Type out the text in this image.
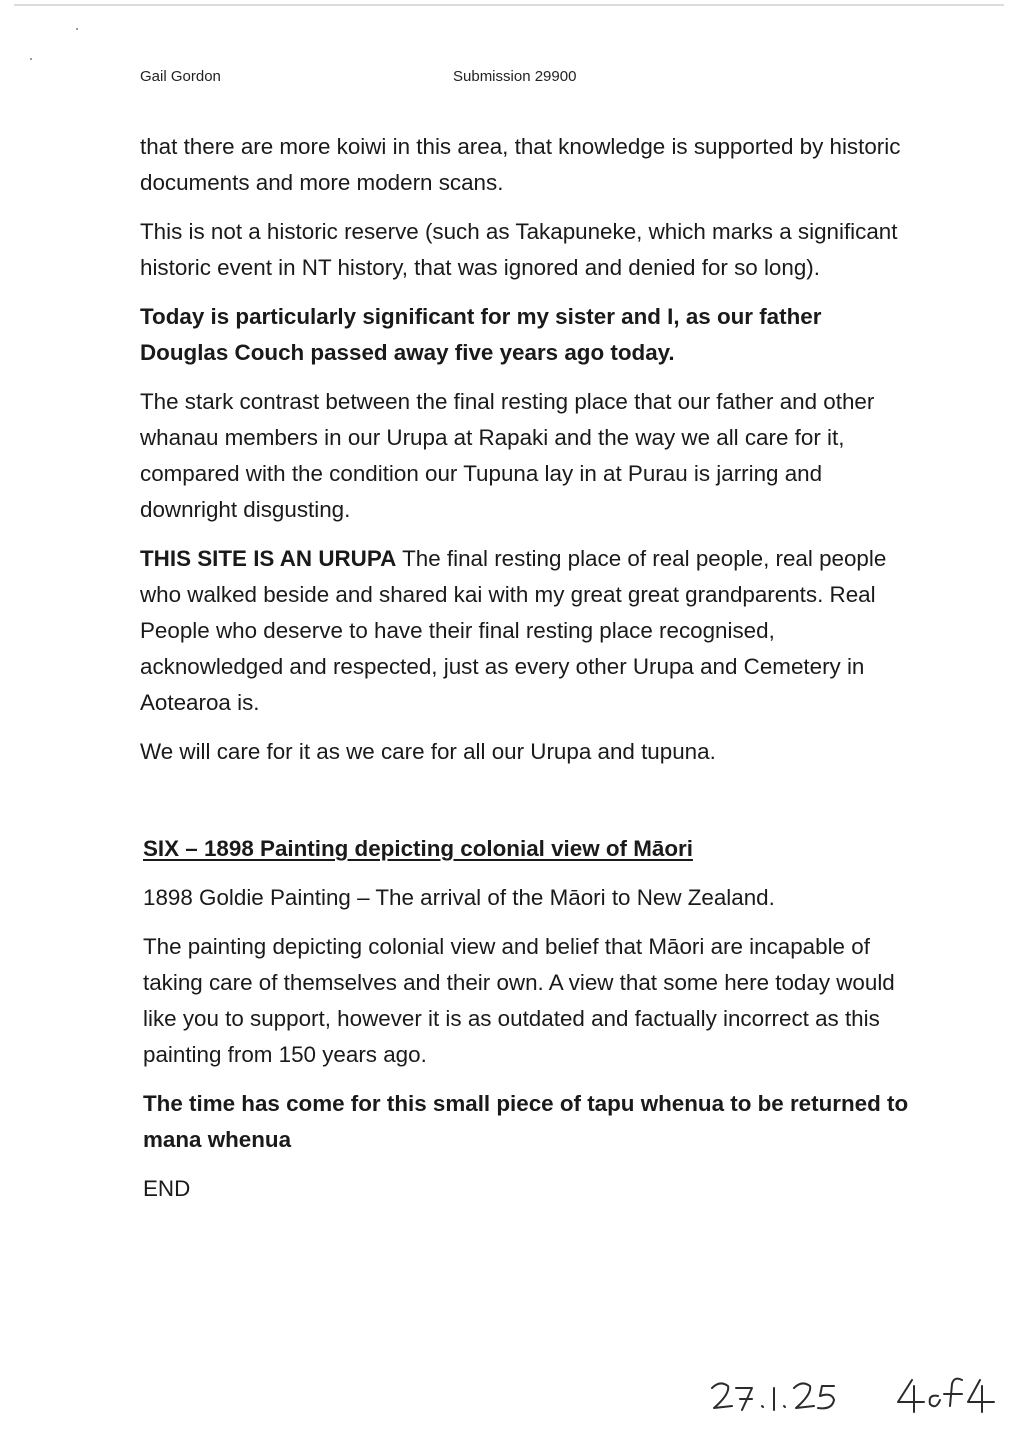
Gail Gordon	Submission 29900

that there are more koiwi in this area, that knowledge is supported by historic documents and more modern scans.

This is not a historic reserve (such as Takapuneke, which marks a significant historic event in NT history, that was ignored and denied for so long).

Today is particularly significant for my sister and I, as our father Douglas Couch passed away five years ago today.

The stark contrast between the final resting place that our father and other whanau members in our Urupa at Rapaki and the way we all care for it, compared with the condition our Tupuna lay in at Purau is jarring and downright disgusting.

THIS SITE IS AN URUPA The final resting place of real people, real people who walked beside and shared kai with my great great grandparents. Real People who deserve to have their final resting place recognised, acknowledged and respected, just as every other Urupa and Cemetery in Aotearoa is.

We will care for it as we care for all our Urupa and tupuna.

SIX – 1898 Painting depicting colonial view of Māori

1898 Goldie Painting – The arrival of the Māori to New Zealand.

The painting depicting colonial view and belief that Māori are incapable of taking care of themselves and their own. A view that some here today would like you to support, however it is as outdated and factually incorrect as this painting from 150 years ago.

The time has come for this small piece of tapu whenua to be returned to mana whenua

END
